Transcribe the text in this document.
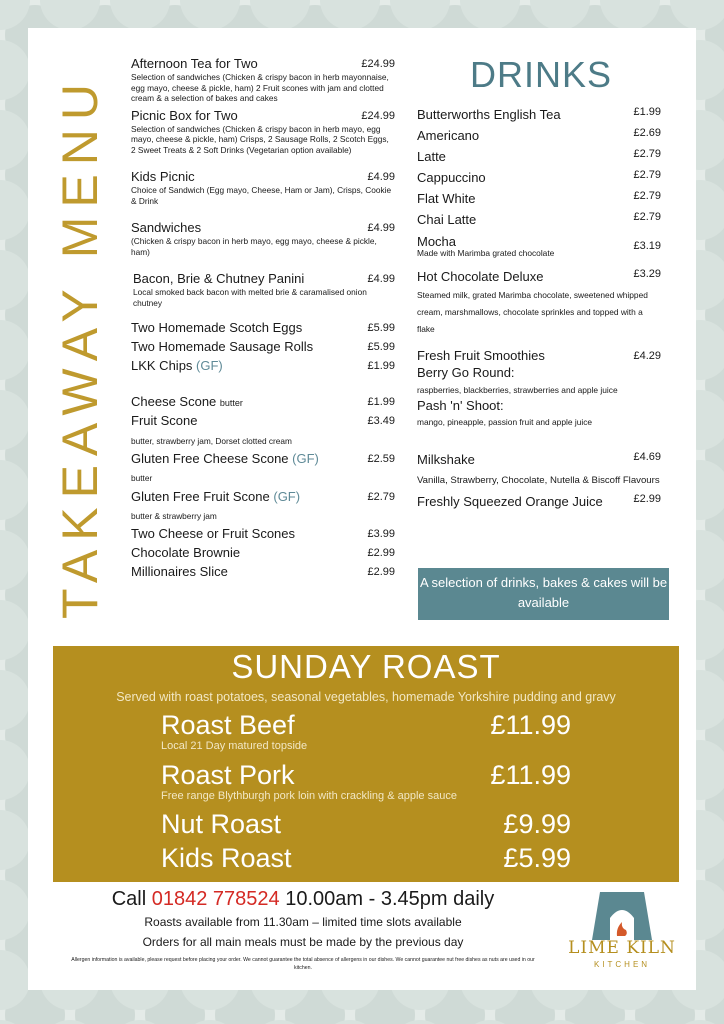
TAKEAWAY MENU
Afternoon Tea for Two	£24.99
Selection of sandwiches (Chicken & crispy bacon in herb mayonnaise, egg mayo, cheese & pickle, ham) 2 Fruit scones with jam and clotted cream & a selection of bakes and cakes
Picnic Box for Two	£24.99
Selection of sandwiches (Chicken & crispy bacon in herb mayo, egg mayo, cheese & pickle, ham) Crisps, 2 Sausage Rolls, 2 Scotch Eggs, 2 Sweet Treats & 2 Soft Drinks (Vegetarian option available)
Kids Picnic	£4.99
Choice of Sandwich (Egg mayo, Cheese, Ham or Jam), Crisps, Cookie & Drink
Sandwiches	£4.99
(Chicken & crispy bacon in herb mayo, egg mayo, cheese & pickle, ham)
Bacon, Brie & Chutney Panini	£4.99
Local smoked back bacon with melted brie & caramalised onion chutney
Two Homemade Scotch Eggs	£5.99
Two Homemade Sausage Rolls	£5.99
LKK Chips (GF)	£1.99
Cheese Scone butter	£1.99
Fruit Scone	£3.49
butter, strawberry jam, Dorset clotted cream
Gluten Free Cheese Scone (GF)	£2.59
butter
Gluten Free Fruit Scone (GF)	£2.79
butter & strawberry jam
Two Cheese or Fruit Scones	£3.99
Chocolate Brownie	£2.99
Millionaires Slice	£2.99
DRINKS
Butterworths English Tea	£1.99
Americano	£2.69
Latte	£2.79
Cappuccino	£2.79
Flat White	£2.79
Chai Latte	£2.79
Mocha	£3.19
Made with Marimba grated chocolate
Hot Chocolate Deluxe	£3.29
Steamed milk, grated Marimba chocolate, sweetened whipped cream, marshmallows, chocolate sprinkles and topped with a flake
Fresh Fruit Smoothies	£4.29
Berry Go Round:
raspberries, blackberries, strawberries and apple juice
Pash 'n' Shoot:
mango, pineapple, passion fruit and apple juice
Milkshake	£4.69
Vanilla, Strawberry, Chocolate, Nutella & Biscoff Flavours
Freshly Squeezed Orange Juice	£2.99
A selection of drinks, bakes & cakes will be available
SUNDAY ROAST
Served with roast potatoes, seasonal vegetables, homemade Yorkshire pudding and gravy
Roast Beef	£11.99
Local 21 Day matured topside
Roast Pork	£11.99
Free range Blythburgh pork loin with crackling & apple sauce
Nut Roast	£9.99
Kids Roast	£5.99
Call 01842 778524 10.00am - 3.45pm daily
Roasts available from 11.30am – limited time slots available
Orders for all main meals must be made by the previous day
Allergen information is available, please request before placing your order. We cannot guarantee the total absence of allergens in our dishes. We cannot guarantee nut free dishes as nuts are used in our kitchen.
LIME KILN
KITCHEN
